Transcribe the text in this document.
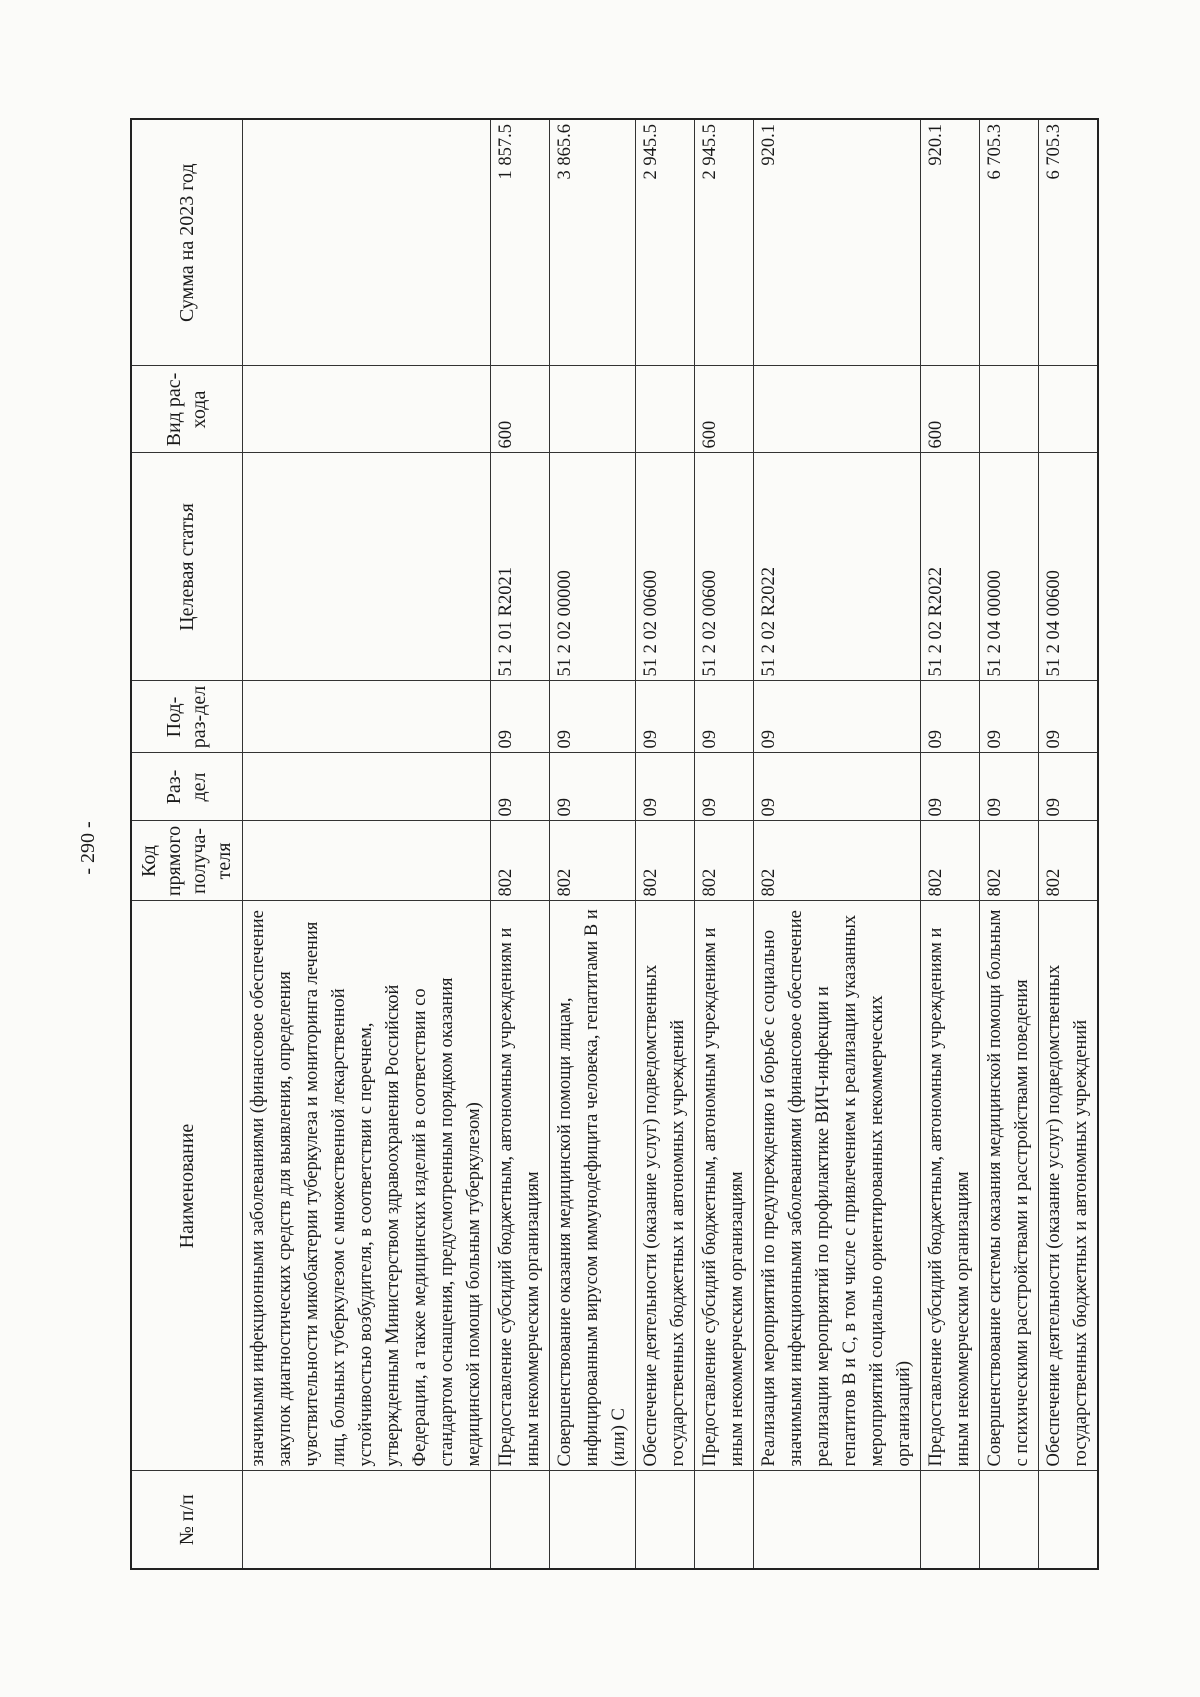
- 290 -
№ п/п	Наименование	Код прямого получа-теля	Раз-дел	Под-раз-дел	Целевая статья	Вид рас-хода	Сумма на 2023 год
	значимыми инфекционными заболеваниями (финансовое обеспечение закупок диагностических средств для выявления, определения чувствительности микобактерии туберкулеза и мониторинга лечения лиц, больных туберкулезом с множественной лекарственной устойчивостью возбудителя, в соответствии с перечнем, утвержденным Министерством здравоохранения Российской Федерации, а также медицинских изделий в соответствии со стандартом оснащения, предусмотренным порядком оказания медицинской помощи больным туберкулезом)						
	Предоставление субсидий бюджетным, автономным учреждениям и иным некоммерческим организациям	802	09	09	51 2 01 R2021	600	1 857.5
	Совершенствование оказания медицинской помощи лицам, инфицированным вирусом иммунодефицита человека, гепатитами B и (или) C	802	09	09	51 2 02 00000		3 865.6
	Обеспечение деятельности (оказание услуг) подведомственных государственных бюджетных и автономных учреждений	802	09	09	51 2 02 00600		2 945.5
	Предоставление субсидий бюджетным, автономным учреждениям и иным некоммерческим организациям	802	09	09	51 2 02 00600	600	2 945.5
	Реализация мероприятий по предупреждению и борьбе с социально значимыми инфекционными заболеваниями (финансовое обеспечение реализации мероприятий по профилактике ВИЧ-инфекции и гепатитов B и C, в том числе с привлечением к реализации указанных мероприятий социально ориентированных некоммерческих организаций)	802	09	09	51 2 02 R2022		920.1
	Предоставление субсидий бюджетным, автономным учреждениям и иным некоммерческим организациям	802	09	09	51 2 02 R2022	600	920.1
	Совершенствование системы оказания медицинской помощи больным с психическими расстройствами и расстройствами поведения	802	09	09	51 2 04 00000		6 705.3
	Обеспечение деятельности (оказание услуг) подведомственных государственных бюджетных и автономных учреждений	802	09	09	51 2 04 00600		6 705.3
